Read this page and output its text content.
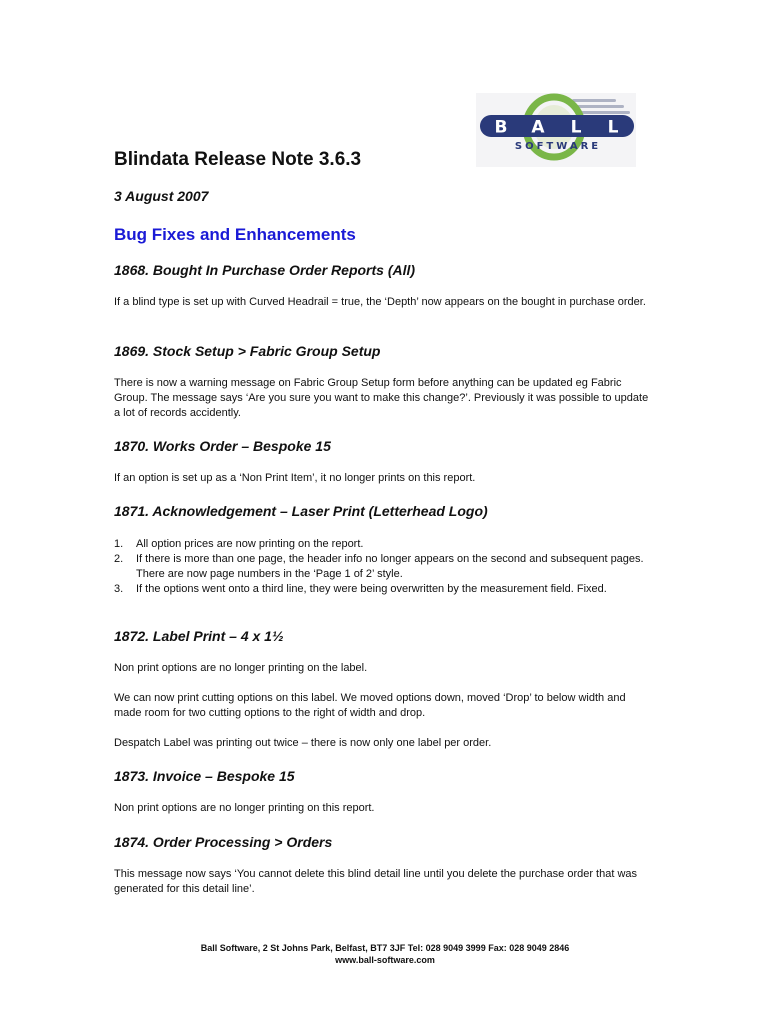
B A L L
SOFTWARE
Blindata Release Note 3.6.3
3 August 2007
Bug Fixes and Enhancements
1868. Bought In Purchase Order Reports (All)

If a blind type is set up with Curved Headrail = true, the ‘Depth’ now appears on the bought in purchase order.

1869. Stock Setup > Fabric Group Setup

There is now a warning message on Fabric Group Setup form before anything can be updated eg Fabric Group. The message says ‘Are you sure you want to make this change?’. Previously it was possible to update a lot of records accidently.

1870. Works Order – Bespoke 15

If an option is set up as a ‘Non Print Item’, it no longer prints on this report.

1871. Acknowledgement – Laser Print (Letterhead Logo)
1. All option prices are now printing on the report.
2. If there is more than one page, the header info no longer appears on the second and subsequent pages. There are now page numbers in the ‘Page 1 of 2’ style.
3. If the options went onto a third line, they were being overwritten by the measurement field. Fixed.
1872. Label Print – 4 x 1½

Non print options are no longer printing on the label.

We can now print cutting options on this label. We moved options down, moved ‘Drop’ to below width and made room for two cutting options to the right of width and drop.

Despatch Label was printing out twice – there is now only one label per order.

1873. Invoice – Bespoke 15

Non print options are no longer printing on this report.

1874. Order Processing > Orders

This message now says ‘You cannot delete this blind detail line until you delete the purchase order that was generated for this detail line’.

Ball Software, 2 St Johns Park, Belfast, BT7 3JF Tel: 028 9049 3999 Fax: 028 9049 2846
www.ball-software.com
